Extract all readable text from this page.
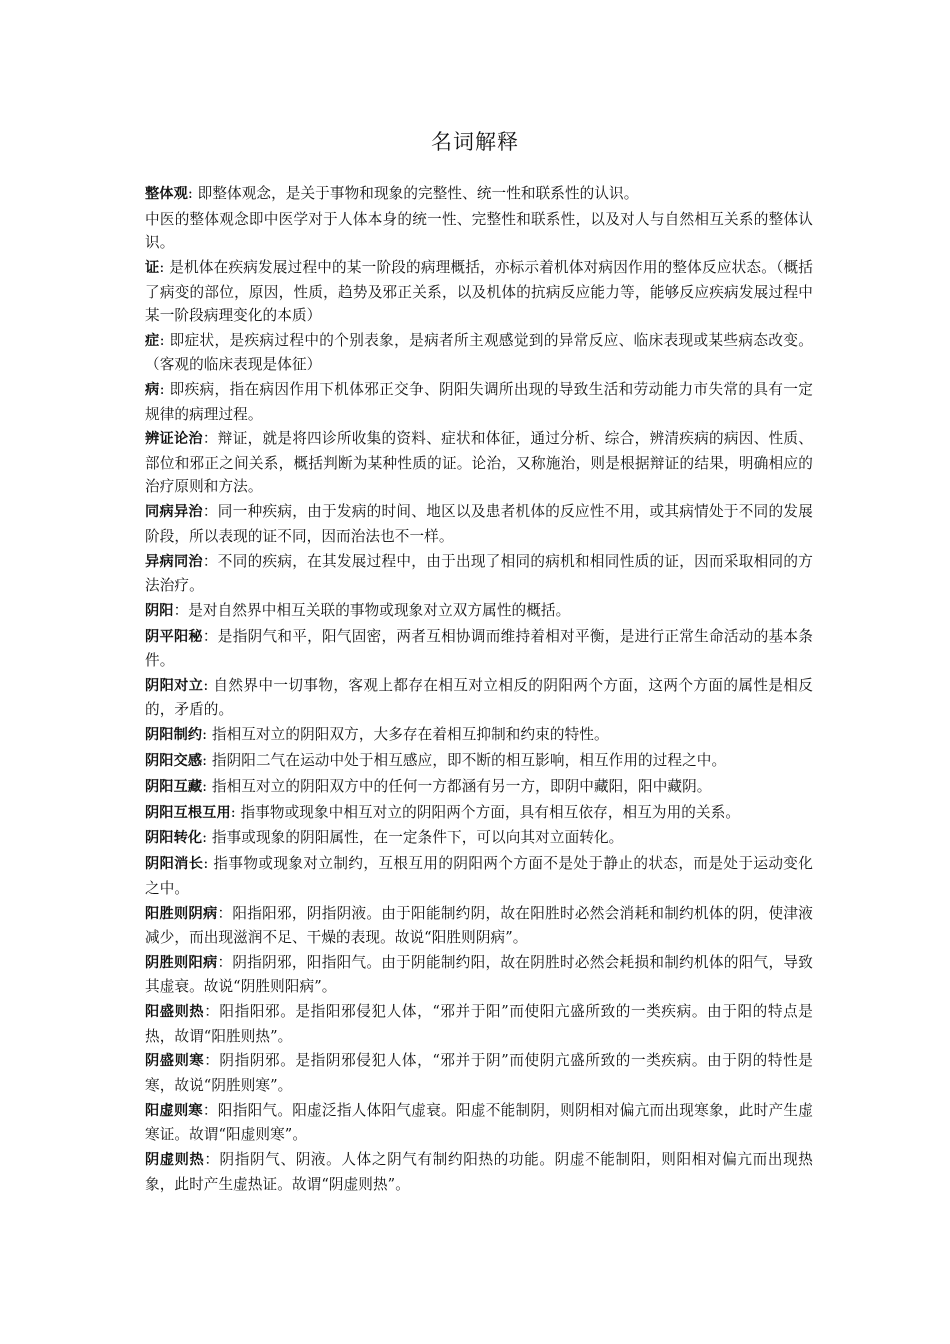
名词解释

整体观: 即整体观念，是关于事物和现象的完整性、统一性和联系性的认识。

中医的整体观念即中医学对于人体本身的统一性、完整性和联系性，以及对人与自然相互关系的整体认识。

证: 是机体在疾病发展过程中的某一阶段的病理概括，亦标示着机体对病因作用的整体反应状态。（概括了病变的部位，原因，性质，趋势及邪正关系，以及机体的抗病反应能力等，能够反应疾病发展过程中某一阶段病理变化的本质）

症: 即症状，是疾病过程中的个别表象，是病者所主观感觉到的异常反应、临床表现或某些病态改变。（客观的临床表现是体征）

病: 即疾病，指在病因作用下机体邪正交争、阴阳失调所出现的导致生活和劳动能力市失常的具有一定规律的病理过程。

辨证论治：辩证，就是将四诊所收集的资料、症状和体征，通过分析、综合，辨清疾病的病因、性质、部位和邪正之间关系，概括判断为某种性质的证。论治，又称施治，则是根据辩证的结果，明确相应的治疗原则和方法。

同病异治：同一种疾病，由于发病的时间、地区以及患者机体的反应性不用，或其病情处于不同的发展阶段，所以表现的证不同，因而治法也不一样。

异病同治：不同的疾病，在其发展过程中，由于出现了相同的病机和相同性质的证，因而采取相同的方法治疗。

阴阳：是对自然界中相互关联的事物或现象对立双方属性的概括。

阴平阳秘：是指阴气和平，阳气固密，两者互相协调而维持着相对平衡，是进行正常生命活动的基本条件。

阴阳对立: 自然界中一切事物，客观上都存在相互对立相反的阴阳两个方面，这两个方面的属性是相反的，矛盾的。

阴阳制约: 指相互对立的阴阳双方，大多存在着相互抑制和约束的特性。

阴阳交感: 指阴阳二气在运动中处于相互感应，即不断的相互影响，相互作用的过程之中。

阴阳互藏: 指相互对立的阴阳双方中的任何一方都涵有另一方，即阴中藏阳，阳中藏阴。

阴阳互根互用: 指事物或现象中相互对立的阴阳两个方面，具有相互依存，相互为用的关系。

阴阳转化: 指事或现象的阴阳属性，在一定条件下，可以向其对立面转化。

阴阳消长: 指事物或现象对立制约，互根互用的阴阳两个方面不是处于静止的状态，而是处于运动变化之中。

阳胜则阴病：阳指阳邪，阴指阴液。由于阳能制约阴，故在阳胜时必然会消耗和制约机体的阴，使津液减少，而出现滋润不足、干燥的表现。故说“阳胜则阴病”。

阴胜则阳病：阴指阴邪，阳指阳气。由于阴能制约阳，故在阴胜时必然会耗损和制约机体的阳气，导致其虚衰。故说“阴胜则阳病”。

阳盛则热：阳指阳邪。是指阳邪侵犯人体，“邪并于阳”而使阳亢盛所致的一类疾病。由于阳的特点是热，故谓“阳胜则热”。

阴盛则寒：阴指阴邪。是指阴邪侵犯人体，“邪并于阴”而使阴亢盛所致的一类疾病。由于阴的特性是寒，故说“阴胜则寒”。

阳虚则寒：阳指阳气。阳虚泛指人体阳气虚衰。阳虚不能制阴，则阴相对偏亢而出现寒象，此时产生虚寒证。故谓“阳虚则寒”。

阴虚则热：阴指阴气、阴液。人体之阴气有制约阳热的功能。阴虚不能制阳，则阳相对偏亢而出现热象，此时产生虚热证。故谓“阴虚则热”。
